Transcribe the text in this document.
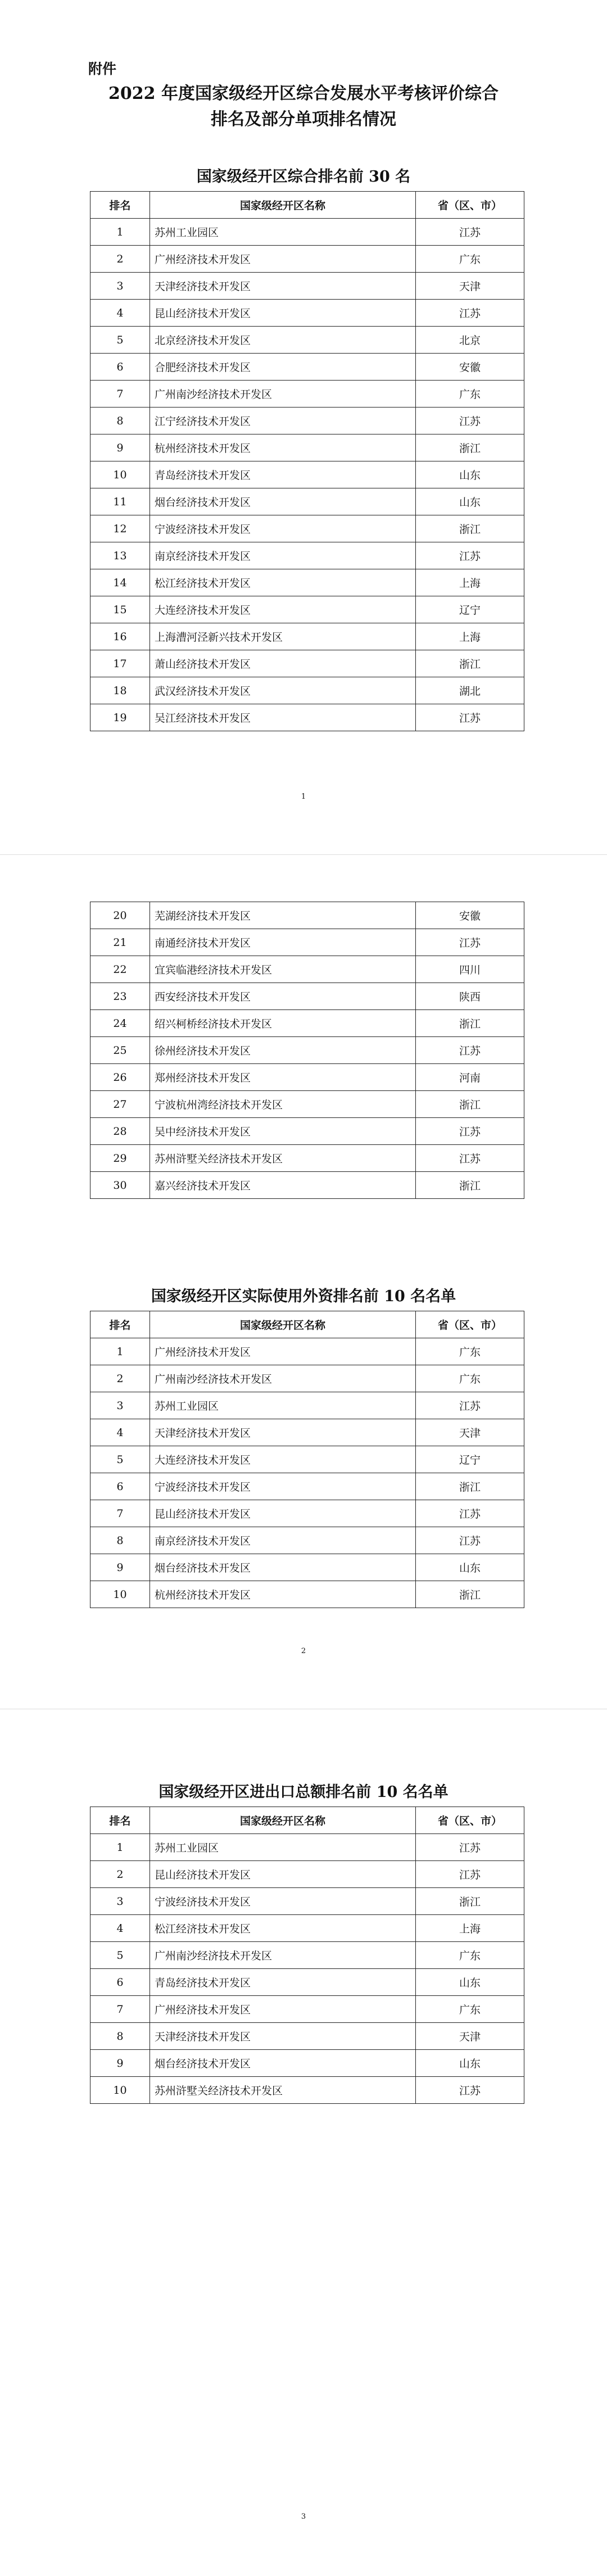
附件
2022 年度国家级经开区综合发展水平考核评价综合
排名及部分单项排名情况
国家级经开区综合排名前 30 名
排名	国家级经开区名称	省（区、市）
1	苏州工业园区	江苏
2	广州经济技术开发区	广东
3	天津经济技术开发区	天津
4	昆山经济技术开发区	江苏
5	北京经济技术开发区	北京
6	合肥经济技术开发区	安徽
7	广州南沙经济技术开发区	广东
8	江宁经济技术开发区	江苏
9	杭州经济技术开发区	浙江
10	青岛经济技术开发区	山东
11	烟台经济技术开发区	山东
12	宁波经济技术开发区	浙江
13	南京经济技术开发区	江苏
14	松江经济技术开发区	上海
15	大连经济技术开发区	辽宁
16	上海漕河泾新兴技术开发区	上海
17	萧山经济技术开发区	浙江
18	武汉经济技术开发区	湖北
19	吴江经济技术开发区	江苏
1
20	芜湖经济技术开发区	安徽
21	南通经济技术开发区	江苏
22	宜宾临港经济技术开发区	四川
23	西安经济技术开发区	陕西
24	绍兴柯桥经济技术开发区	浙江
25	徐州经济技术开发区	江苏
26	郑州经济技术开发区	河南
27	宁波杭州湾经济技术开发区	浙江
28	吴中经济技术开发区	江苏
29	苏州浒墅关经济技术开发区	江苏
30	嘉兴经济技术开发区	浙江
国家级经开区实际使用外资排名前 10 名名单
排名	国家级经开区名称	省（区、市）
1	广州经济技术开发区	广东
2	广州南沙经济技术开发区	广东
3	苏州工业园区	江苏
4	天津经济技术开发区	天津
5	大连经济技术开发区	辽宁
6	宁波经济技术开发区	浙江
7	昆山经济技术开发区	江苏
8	南京经济技术开发区	江苏
9	烟台经济技术开发区	山东
10	杭州经济技术开发区	浙江
2
国家级经开区进出口总额排名前 10 名名单
排名	国家级经开区名称	省（区、市）
1	苏州工业园区	江苏
2	昆山经济技术开发区	江苏
3	宁波经济技术开发区	浙江
4	松江经济技术开发区	上海
5	广州南沙经济技术开发区	广东
6	青岛经济技术开发区	山东
7	广州经济技术开发区	广东
8	天津经济技术开发区	天津
9	烟台经济技术开发区	山东
10	苏州浒墅关经济技术开发区	江苏
3
